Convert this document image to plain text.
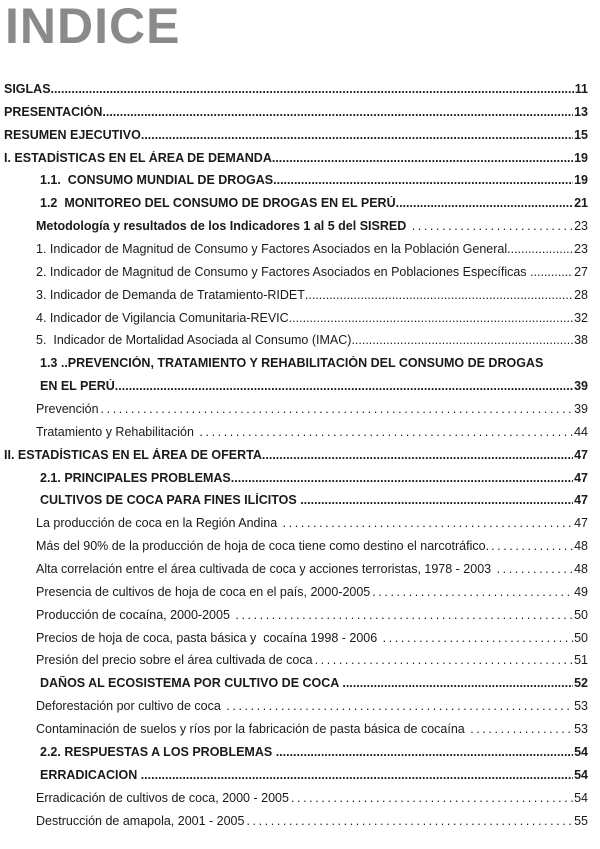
INDICE
SIGLAS .....	11
PRESENTACIÓN .....	13
RESUMEN EJECUTIVO .....	15
I. ESTADÍSTICAS EN EL ÁREA DE DEMANDA .....	19
1.1.  CONSUMO MUNDIAL DE DROGAS .....	19
1.2  MONITOREO DEL CONSUMO DE DROGAS EN EL PERÚ .....	21
Metodología y resultados de los Indicadores 1 al 5 del SISRED .....	23
1. Indicador de Magnitud de Consumo y Factores Asociados en la Población General .....	23
2. Indicador de Magnitud de Consumo y Factores Asociados en Poblaciones Específicas .....	27
3. Indicador de Demanda de Tratamiento-RIDET .....	28
4. Indicador de Vigilancia Comunitaria-REVIC .....	32
5.  Indicador de Mortalidad Asociada al Consumo (IMAC) .....	38
1.3 ..PREVENCIÓN, TRATAMIENTO Y REHABILITACIÓN DEL CONSUMO DE DROGAS
EN EL PERÚ .....	39
Prevención .....	39
Tratamiento y Rehabilitación .....	44
II. ESTADÍSTICAS EN EL ÁREA DE OFERTA. .....	47
2.1. PRINCIPALES PROBLEMAS .....	47
CULTIVOS DE COCA PARA FINES ILÍCITOS .....	47
La producción de coca en la Región Andina .....	47
Más del 90% de la producción de hoja de coca tiene como destino el narcotráfico. .....	48
Alta correlación entre el área cultivada de coca y acciones terroristas, 1978 - 2003 .....	48
Presencia de cultivos de hoja de coca en el país, 2000-2005 .....	49
Producción de cocaína, 2000-2005 .....	50
Precios de hoja de coca, pasta básica y  cocaína 1998 - 2006 .....	50
Presión del precio sobre el área cultivada de coca .....	51
DAÑOS AL ECOSISTEMA POR CULTIVO DE COCA .....	52
Deforestación por cultivo de coca .....	53
Contaminación de suelos y ríos por la fabricación de pasta básica de cocaína .....	53
2.2. RESPUESTAS A LOS PROBLEMAS .....	54
ERRADICACION .....	54
Erradicación de cultivos de coca, 2000 - 2005 .....	54
Destrucción de amapola, 2001 - 2005 .....	55
